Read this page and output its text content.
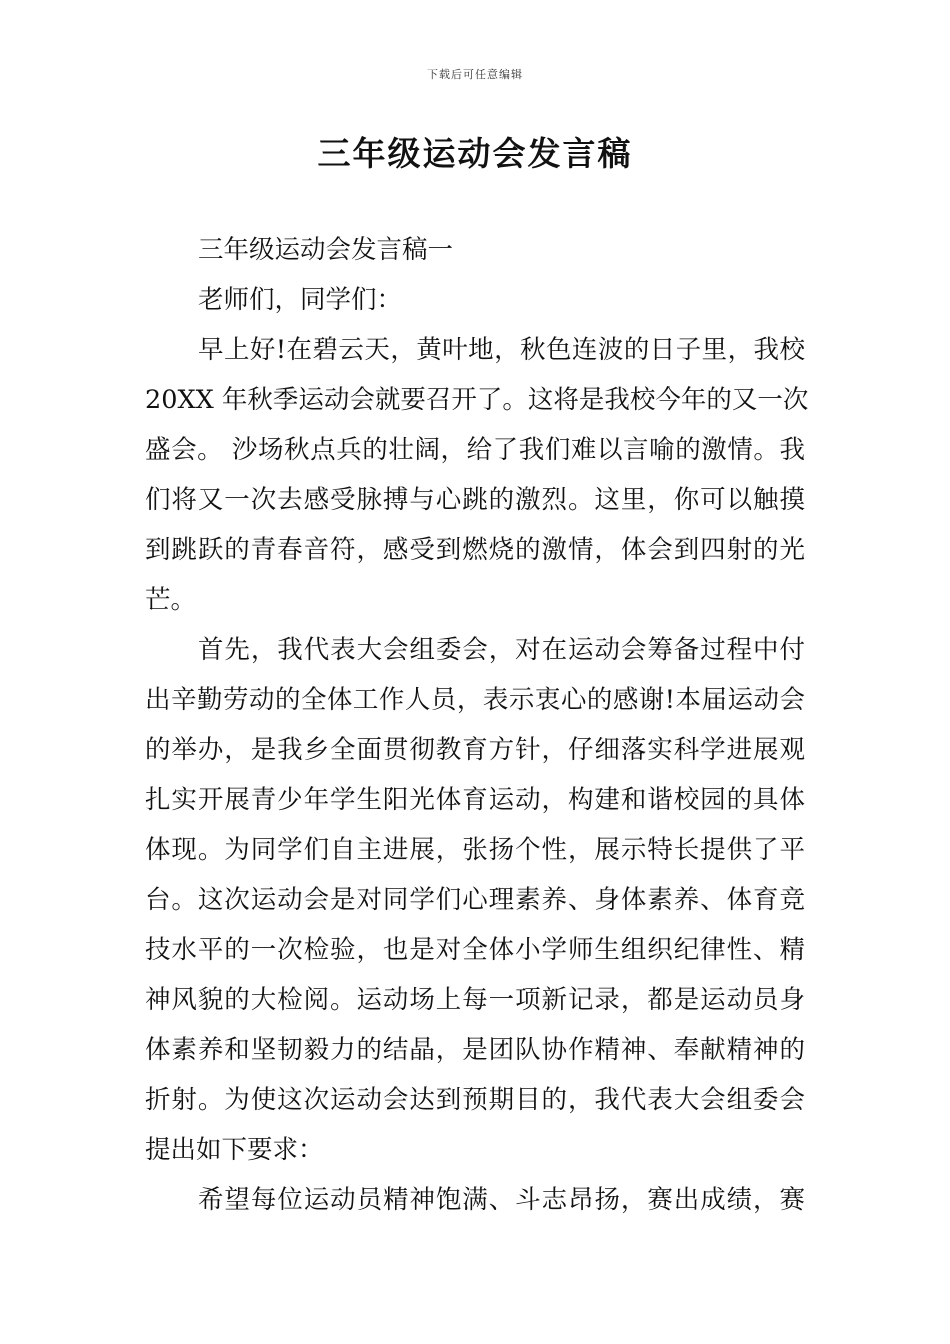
下载后可任意编辑
三年级运动会发言稿
三年级运动会发言稿一
老师们，同学们：
早上好!在碧云天，黄叶地，秋色连波的日子里，我校
20XX 年秋季运动会就要召开了。这将是我校今年的又一次
盛会。 沙场秋点兵的壮阔，给了我们难以言喻的激情。我
们将又一次去感受脉搏与心跳的激烈。这里，你可以触摸
到跳跃的青春音符，感受到燃烧的激情，体会到四射的光
芒。
首先，我代表大会组委会，对在运动会筹备过程中付
出辛勤劳动的全体工作人员，表示衷心的感谢!本届运动会
的举办，是我乡全面贯彻教育方针，仔细落实科学进展观
扎实开展青少年学生阳光体育运动，构建和谐校园的具体
体现。为同学们自主进展，张扬个性，展示特长提供了平
台。这次运动会是对同学们心理素养、身体素养、体育竞
技水平的一次检验，也是对全体小学师生组织纪律性、精
神风貌的大检阅。运动场上每一项新记录，都是运动员身
体素养和坚韧毅力的结晶，是团队协作精神、奉献精神的
折射。为使这次运动会达到预期目的，我代表大会组委会
提出如下要求：
希望每位运动员精神饱满、斗志昂扬，赛出成绩，赛
